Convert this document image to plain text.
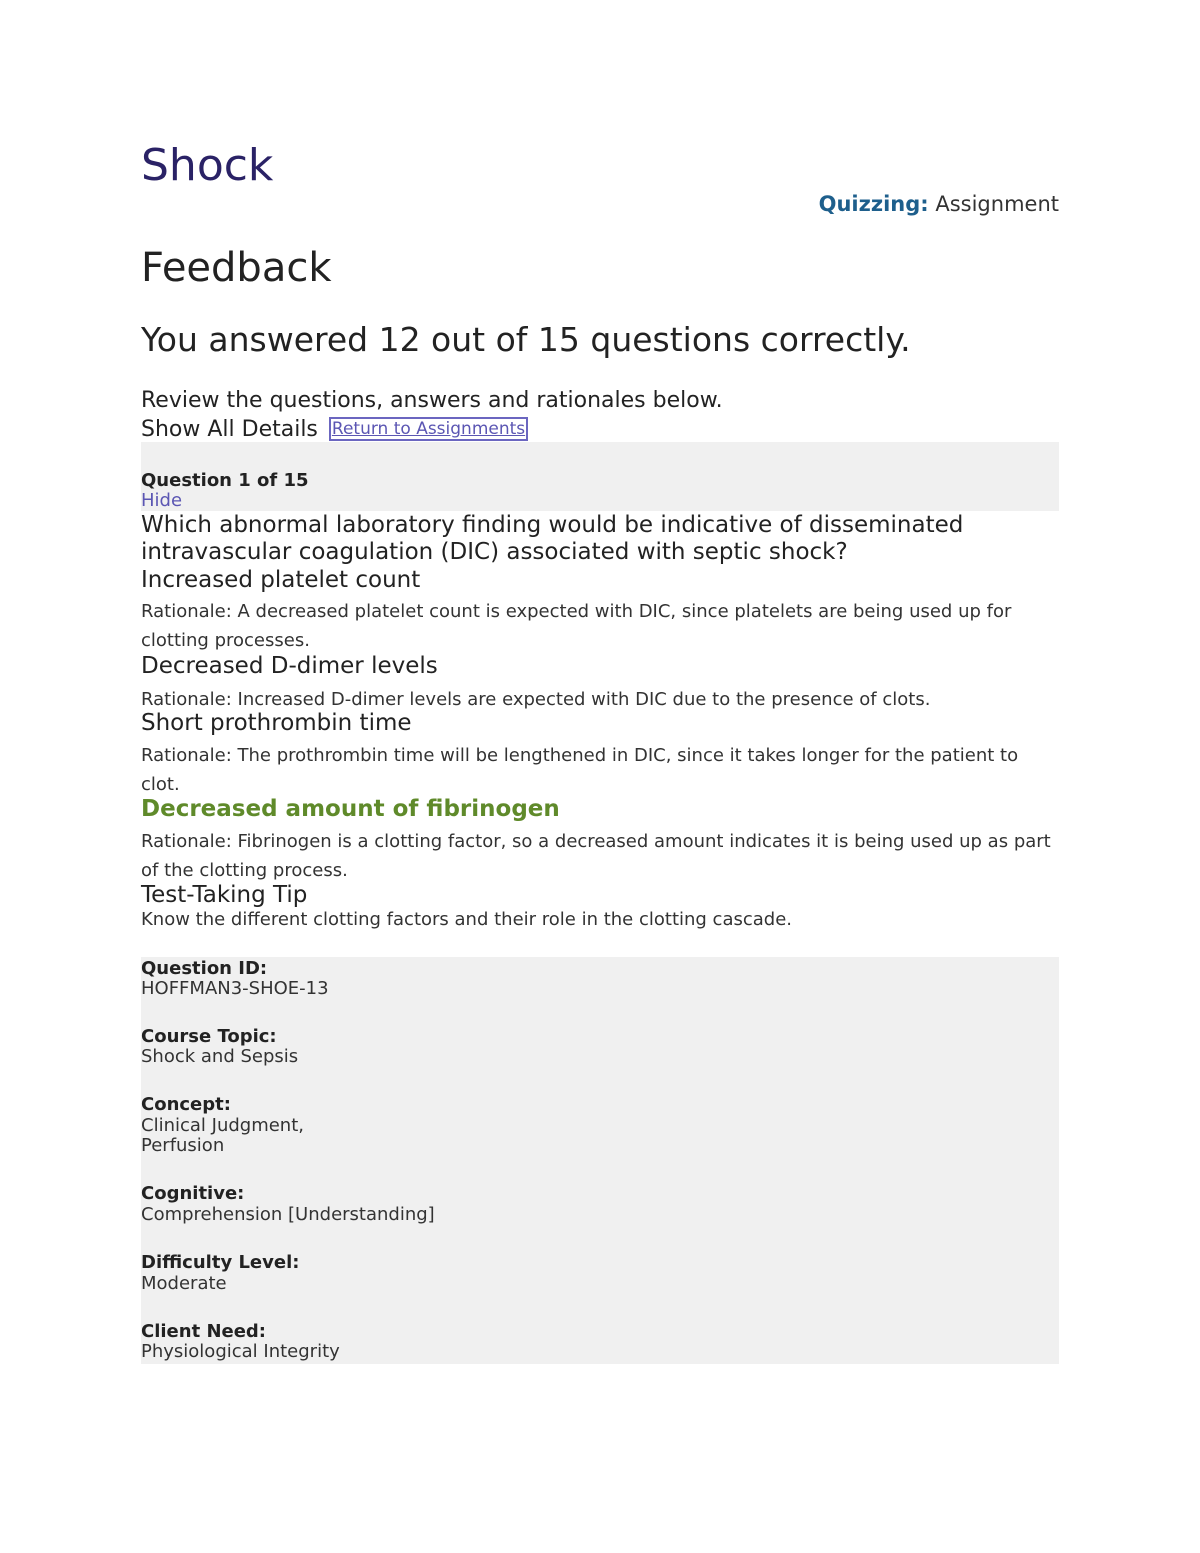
Shock
Quizzing: Assignment
Feedback
You answered 12 out of 15 questions correctly.
Review the questions, answers and rationales below.
Show All Details Return to Assignments
Question 1 of 15
Hide
Which abnormal laboratory finding would be indicative of disseminated intravascular coagulation (DIC) associated with septic shock?
Increased platelet count
Rationale: A decreased platelet count is expected with DIC, since platelets are being used up for clotting processes.
Decreased D-dimer levels
Rationale: Increased D-dimer levels are expected with DIC due to the presence of clots.
Short prothrombin time
Rationale: The prothrombin time will be lengthened in DIC, since it takes longer for the patient to clot.
Decreased amount of fibrinogen
Rationale: Fibrinogen is a clotting factor, so a decreased amount indicates it is being used up as part of the clotting process.
Test-Taking Tip
Know the different clotting factors and their role in the clotting cascade.
Question ID:
HOFFMAN3-SHOE-13
Course Topic:
Shock and Sepsis
Concept:
Clinical Judgment,
Perfusion
Cognitive:
Comprehension [Understanding]
Difficulty Level:
Moderate
Client Need:
Physiological Integrity
